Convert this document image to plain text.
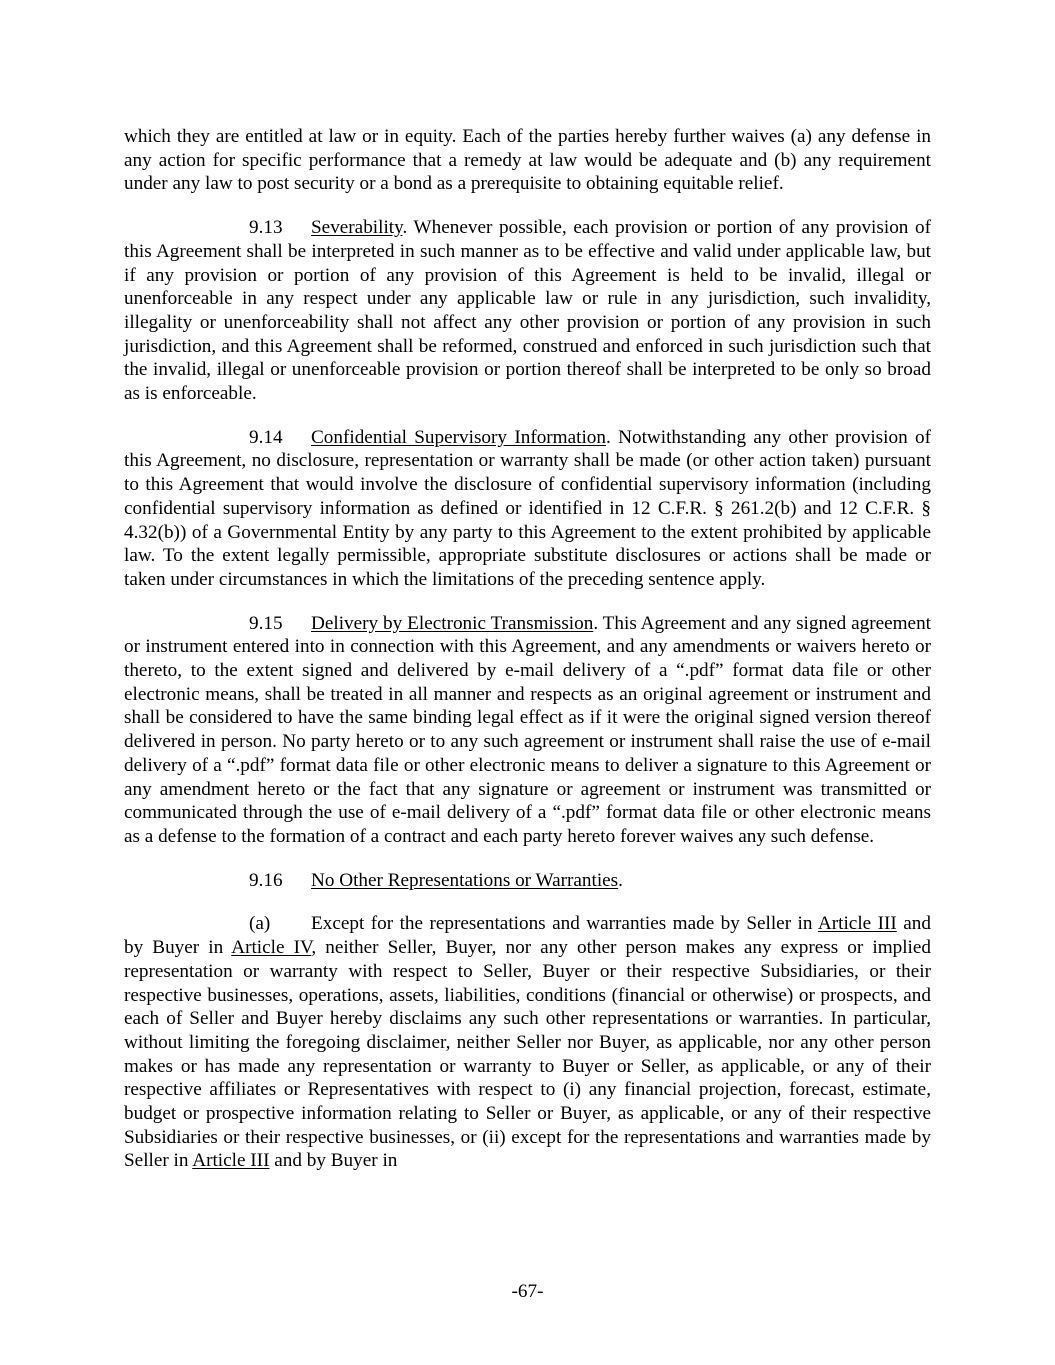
which they are entitled at law or in equity. Each of the parties hereby further waives (a) any defense in any action for specific performance that a remedy at law would be adequate and (b) any requirement under any law to post security or a bond as a prerequisite to obtaining equitable relief.

9.13 Severability. Whenever possible, each provision or portion of any provision of this Agreement shall be interpreted in such manner as to be effective and valid under applicable law, but if any provision or portion of any provision of this Agreement is held to be invalid, illegal or unenforceable in any respect under any applicable law or rule in any jurisdiction, such invalidity, illegality or unenforceability shall not affect any other provision or portion of any provision in such jurisdiction, and this Agreement shall be reformed, construed and enforced in such jurisdiction such that the invalid, illegal or unenforceable provision or portion thereof shall be interpreted to be only so broad as is enforceable.

9.14 Confidential Supervisory Information. Notwithstanding any other provision of this Agreement, no disclosure, representation or warranty shall be made (or other action taken) pursuant to this Agreement that would involve the disclosure of confidential supervisory information (including confidential supervisory information as defined or identified in 12 C.F.R. § 261.2(b) and 12 C.F.R. § 4.32(b)) of a Governmental Entity by any party to this Agreement to the extent prohibited by applicable law. To the extent legally permissible, appropriate substitute disclosures or actions shall be made or taken under circumstances in which the limitations of the preceding sentence apply.

9.15 Delivery by Electronic Transmission. This Agreement and any signed agreement or instrument entered into in connection with this Agreement, and any amendments or waivers hereto or thereto, to the extent signed and delivered by e-mail delivery of a “.pdf” format data file or other electronic means, shall be treated in all manner and respects as an original agreement or instrument and shall be considered to have the same binding legal effect as if it were the original signed version thereof delivered in person. No party hereto or to any such agreement or instrument shall raise the use of e-mail delivery of a “.pdf” format data file or other electronic means to deliver a signature to this Agreement or any amendment hereto or the fact that any signature or agreement or instrument was transmitted or communicated through the use of e-mail delivery of a “.pdf” format data file or other electronic means as a defense to the formation of a contract and each party hereto forever waives any such defense.

9.16 No Other Representations or Warranties.

(a) Except for the representations and warranties made by Seller in Article III and by Buyer in Article IV, neither Seller, Buyer, nor any other person makes any express or implied representation or warranty with respect to Seller, Buyer or their respective Subsidiaries, or their respective businesses, operations, assets, liabilities, conditions (financial or otherwise) or prospects, and each of Seller and Buyer hereby disclaims any such other representations or warranties. In particular, without limiting the foregoing disclaimer, neither Seller nor Buyer, as applicable, nor any other person makes or has made any representation or warranty to Buyer or Seller, as applicable, or any of their respective affiliates or Representatives with respect to (i) any financial projection, forecast, estimate, budget or prospective information relating to Seller or Buyer, as applicable, or any of their respective Subsidiaries or their respective businesses, or (ii) except for the representations and warranties made by Seller in Article III and by Buyer in

-67-
